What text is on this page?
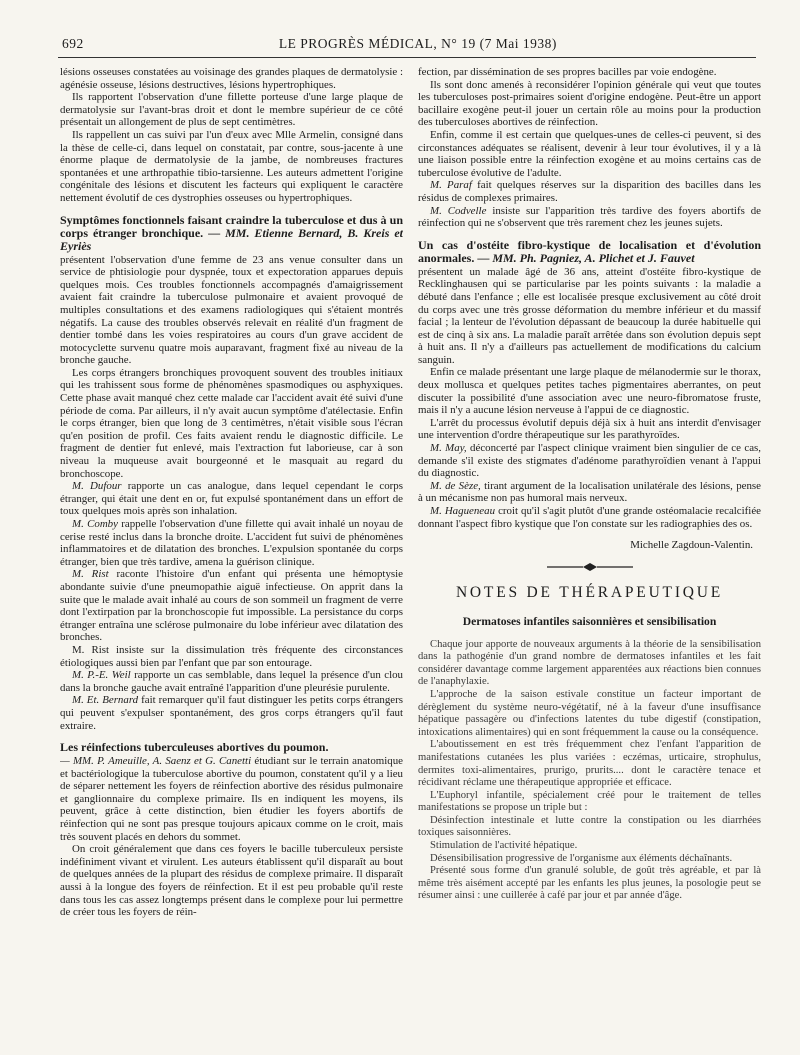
692	LE PROGRÈS MÉDICAL, N° 19 (7 Mai 1938)

lésions osseuses constatées au voisinage des grandes plaques de dermatolysie : agénésie osseuse, lésions destructives, lésions hypertrophiques.

Ils rapportent l'observation d'une fillette porteuse d'une large plaque de dermatolysie sur l'avant-bras droit et dont le membre supérieur de ce côté présentait un allongement de plus de sept centimètres.

Ils rappellent un cas suivi par l'un d'eux avec Mlle Armelin, consigné dans la thèse de celle-ci, dans lequel on constatait, par contre, sous-jacente à une énorme plaque de dermatolysie de la jambe, de nombreuses fractures spontanées et une arthropathie tibio-tarsienne. Les auteurs admettent l'origine congénitale des lésions et discutent les facteurs qui expliquent le caractère nettement évolutif de ces dystrophies osseuses ou hypertrophiques.

Symptômes fonctionnels faisant craindre la tuberculose et dus à un corps étranger bronchique. — MM. Etienne Bernard, B. Kreis et Eyriès

présentent l'observation d'une femme de 23 ans venue consulter dans un service de phtisiologie pour dyspnée, toux et expectoration apparues depuis quelques mois. Ces troubles fonctionnels accompagnés d'amaigrissement avaient fait craindre la tuberculose pulmonaire et avaient provoqué de multiples consultations et des examens radiologiques qui s'étaient montrés négatifs. La cause des troubles observés relevait en réalité d'un fragment de dentier tombé dans les voies respiratoires au cours d'un grave accident de motocyclette survenu quatre mois auparavant, fragment fixé au niveau de la bronche gauche.

Les corps étrangers bronchiques provoquent souvent des troubles initiaux qui les trahissent sous forme de phénomènes spasmodiques ou asphyxiques. Cette phase avait manqué chez cette malade car l'accident avait été suivi d'une période de coma. Par ailleurs, il n'y avait aucun symptôme d'atélectasie. Enfin le corps étranger, bien que long de 3 centimètres, n'était visible sous l'écran qu'en position de profil. Ces faits avaient rendu le diagnostic difficile. Le fragment de dentier fut enlevé, mais l'extraction fut laborieuse, car à son niveau la muqueuse avait bourgeonné et le masquait au regard du bronchoscope.

M. Dufour rapporte un cas analogue, dans lequel cependant le corps étranger, qui était une dent en or, fut expulsé spontanément dans un effort de toux quelques mois après son inhalation.

M. Comby rappelle l'observation d'une fillette qui avait inhalé un noyau de cerise resté inclus dans la bronche droite. L'accident fut suivi de phénomènes inflammatoires et de dilatation des bronches. L'expulsion spontanée du corps étranger, bien que très tardive, amena la guérison clinique.

M. Rist raconte l'histoire d'un enfant qui présenta une hémoptysie abondante suivie d'une pneumopathie aiguë infectieuse. On apprit dans la suite que le malade avait inhalé au cours de son sommeil un fragment de verre dont l'extirpation par la bronchoscopie fut impossible. La persistance du corps étranger entraîna une sclérose pulmonaire du lobe inférieur avec dilatation des bronches.

M. Rist insiste sur la dissimulation très fréquente des circonstances étiologiques aussi bien par l'enfant que par son entourage.

M. P.-E. Weil rapporte un cas semblable, dans lequel la présence d'un clou dans la bronche gauche avait entraîné l'apparition d'une pleurésie purulente.

M. Et. Bernard fait remarquer qu'il faut distinguer les petits corps étrangers qui peuvent s'expulser spontanément, des gros corps étrangers qu'il faut extraire.

Les réinfections tuberculeuses abortives du poumon.

— MM. P. Ameuille, A. Saenz et G. Canetti étudiant sur le terrain anatomique et bactériologique la tuberculose abortive du poumon, constatent qu'il y a lieu de séparer nettement les foyers de réinfection abortive des résidus pulmonaire et ganglionnaire du complexe primaire. Ils en indiquent les moyens, ils peuvent, grâce à cette distinction, bien étudier les foyers abortifs de réinfection qui ne sont pas presque toujours apicaux comme on le croit, mais très souvent placés en dehors du sommet.

On croit généralement que dans ces foyers le bacille tuberculeux persiste indéfiniment vivant et virulent. Les auteurs établissent qu'il disparaît au bout de quelques années de la plupart des résidus de complexe primaire. Il disparaît aussi à la longue des foyers de réinfection. Et il est peu probable qu'il reste dans tous les cas assez longtemps présent dans le complexe pour lui permettre de créer tous les foyers de réin-

fection, par dissémination de ses propres bacilles par voie endogène.

Ils sont donc amenés à reconsidérer l'opinion générale qui veut que toutes les tuberculoses post-primaires soient d'origine endogène. Peut-être un apport bacillaire exogène peut-il jouer un certain rôle au moins pour la production des tuberculoses abortives de réinfection.

Enfin, comme il est certain que quelques-unes de celles-ci peuvent, si des circonstances adéquates se réalisent, devenir à leur tour évolutives, il y a là une liaison possible entre la réinfection exogène et au moins certains cas de tuberculose évolutive de l'adulte.

M. Paraf fait quelques réserves sur la disparition des bacilles dans les résidus de complexes primaires.

M. Codvelle insiste sur l'apparition très tardive des foyers abortifs de réinfection qui ne s'observent que très rarement chez les jeunes sujets.

Un cas d'ostéite fibro-kystique de localisation et d'évolution anormales. — MM. Ph. Pagniez, A. Plichet et J. Fauvet

présentent un malade âgé de 36 ans, atteint d'ostéite fibro-kystique de Recklinghausen qui se particularise par les points suivants : la maladie a débuté dans l'enfance ; elle est localisée presque exclusivement au côté droit du corps avec une très grosse déformation du membre inférieur et du massif facial ; la lenteur de l'évolution dépassant de beaucoup la durée habituelle qui est de cinq à six ans. La maladie paraît arrêtée dans son évolution depuis sept à huit ans. Il n'y a d'ailleurs pas actuellement de modifications du calcium sanguin.

Enfin ce malade présentant une large plaque de mélanodermie sur le thorax, deux mollusca et quelques petites taches pigmentaires aberrantes, on peut discuter la possibilité d'une association avec une neuro-fibromatose fruste, mais il n'y a aucune lésion nerveuse à l'appui de ce diagnostic.

L'arrêt du processus évolutif depuis déjà six à huit ans interdit d'envisager une intervention d'ordre thérapeutique sur les parathyroïdes.

M. May, déconcerté par l'aspect clinique vraiment bien singulier de ce cas, demande s'il existe des stigmates d'adénome parathyroïdien venant à l'appui du diagnostic.

M. de Sèze, tirant argument de la localisation unilatérale des lésions, pense à un mécanisme non pas humoral mais nerveux.

M. Hagueneau croit qu'il s'agit plutôt d'une grande ostéomalacie recalcifiée donnant l'aspect fibro kystique que l'on constate sur les radiographies des os.

Michelle Zagdoun-Valentin.
NOTES DE THÉRAPEUTIQUE
Dermatoses infantiles saisonnières et sensibilisation

Chaque jour apporte de nouveaux arguments à la théorie de la sensibilisation dans la pathogénie d'un grand nombre de dermatoses infantiles et les fait considérer davantage comme largement apparentées aux réactions bien connues de l'anaphylaxie.

L'approche de la saison estivale constitue un facteur important de dérèglement du système neuro-végétatif, né à la faveur d'une insuffisance hépatique passagère ou d'infections latentes du tube digestif (constipation, intoxications alimentaires) qui en sont fréquemment la cause ou la conséquence.

L'aboutissement en est très fréquemment chez l'enfant l'apparition de manifestations cutanées les plus variées : eczémas, urticaire, strophulus, dermites toxi-alimentaires, prurigo, prurits.... dont le caractère tenace et récidivant réclame une thérapeutique appropriée et efficace.

L'Euphoryl infantile, spécialement créé pour le traitement de telles manifestations se propose un triple but :

Désinfection intestinale et lutte contre la constipation ou les diarrhées toxiques saisonnières.

Stimulation de l'activité hépatique.

Désensibilisation progressive de l'organisme aux éléments déchaînants.

Présenté sous forme d'un granulé soluble, de goût très agréable, et par là même très aisément accepté par les enfants les plus jeunes, la posologie peut se résumer ainsi : une cuillerée à café par jour et par année d'âge.
